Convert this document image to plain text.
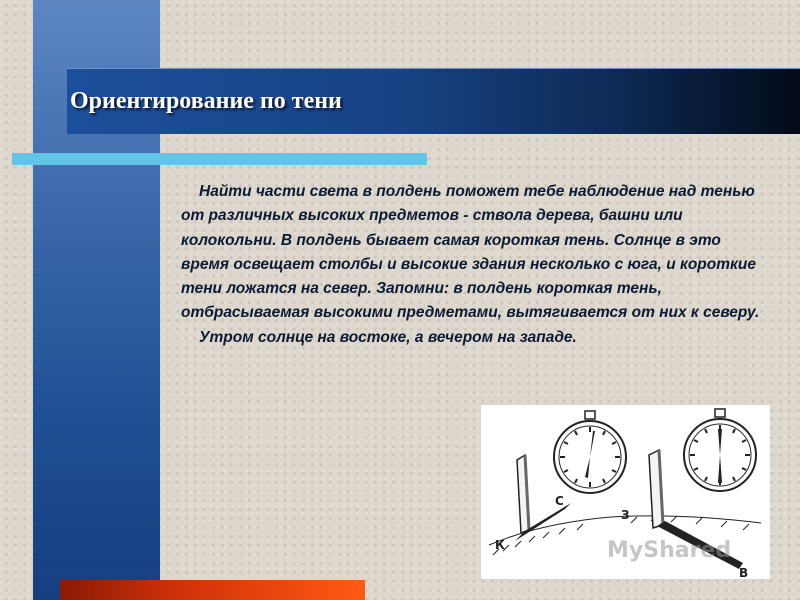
Ориентирование по тени

Найти части света в полдень поможет тебе наблюдение над тенью от различных высоких предметов - ствола дерева, башни или колокольни. В полдень бывает самая короткая тень. Солнце в это время освещает столбы и высокие здания несколько с юга, и короткие тени ложатся на север. Запомни: в полдень короткая тень, отбрасываемая высокими предметами, вытягивается от них к северу.

Утром солнце на востоке, а вечером на западе.

С
К
З
В
MyShared
